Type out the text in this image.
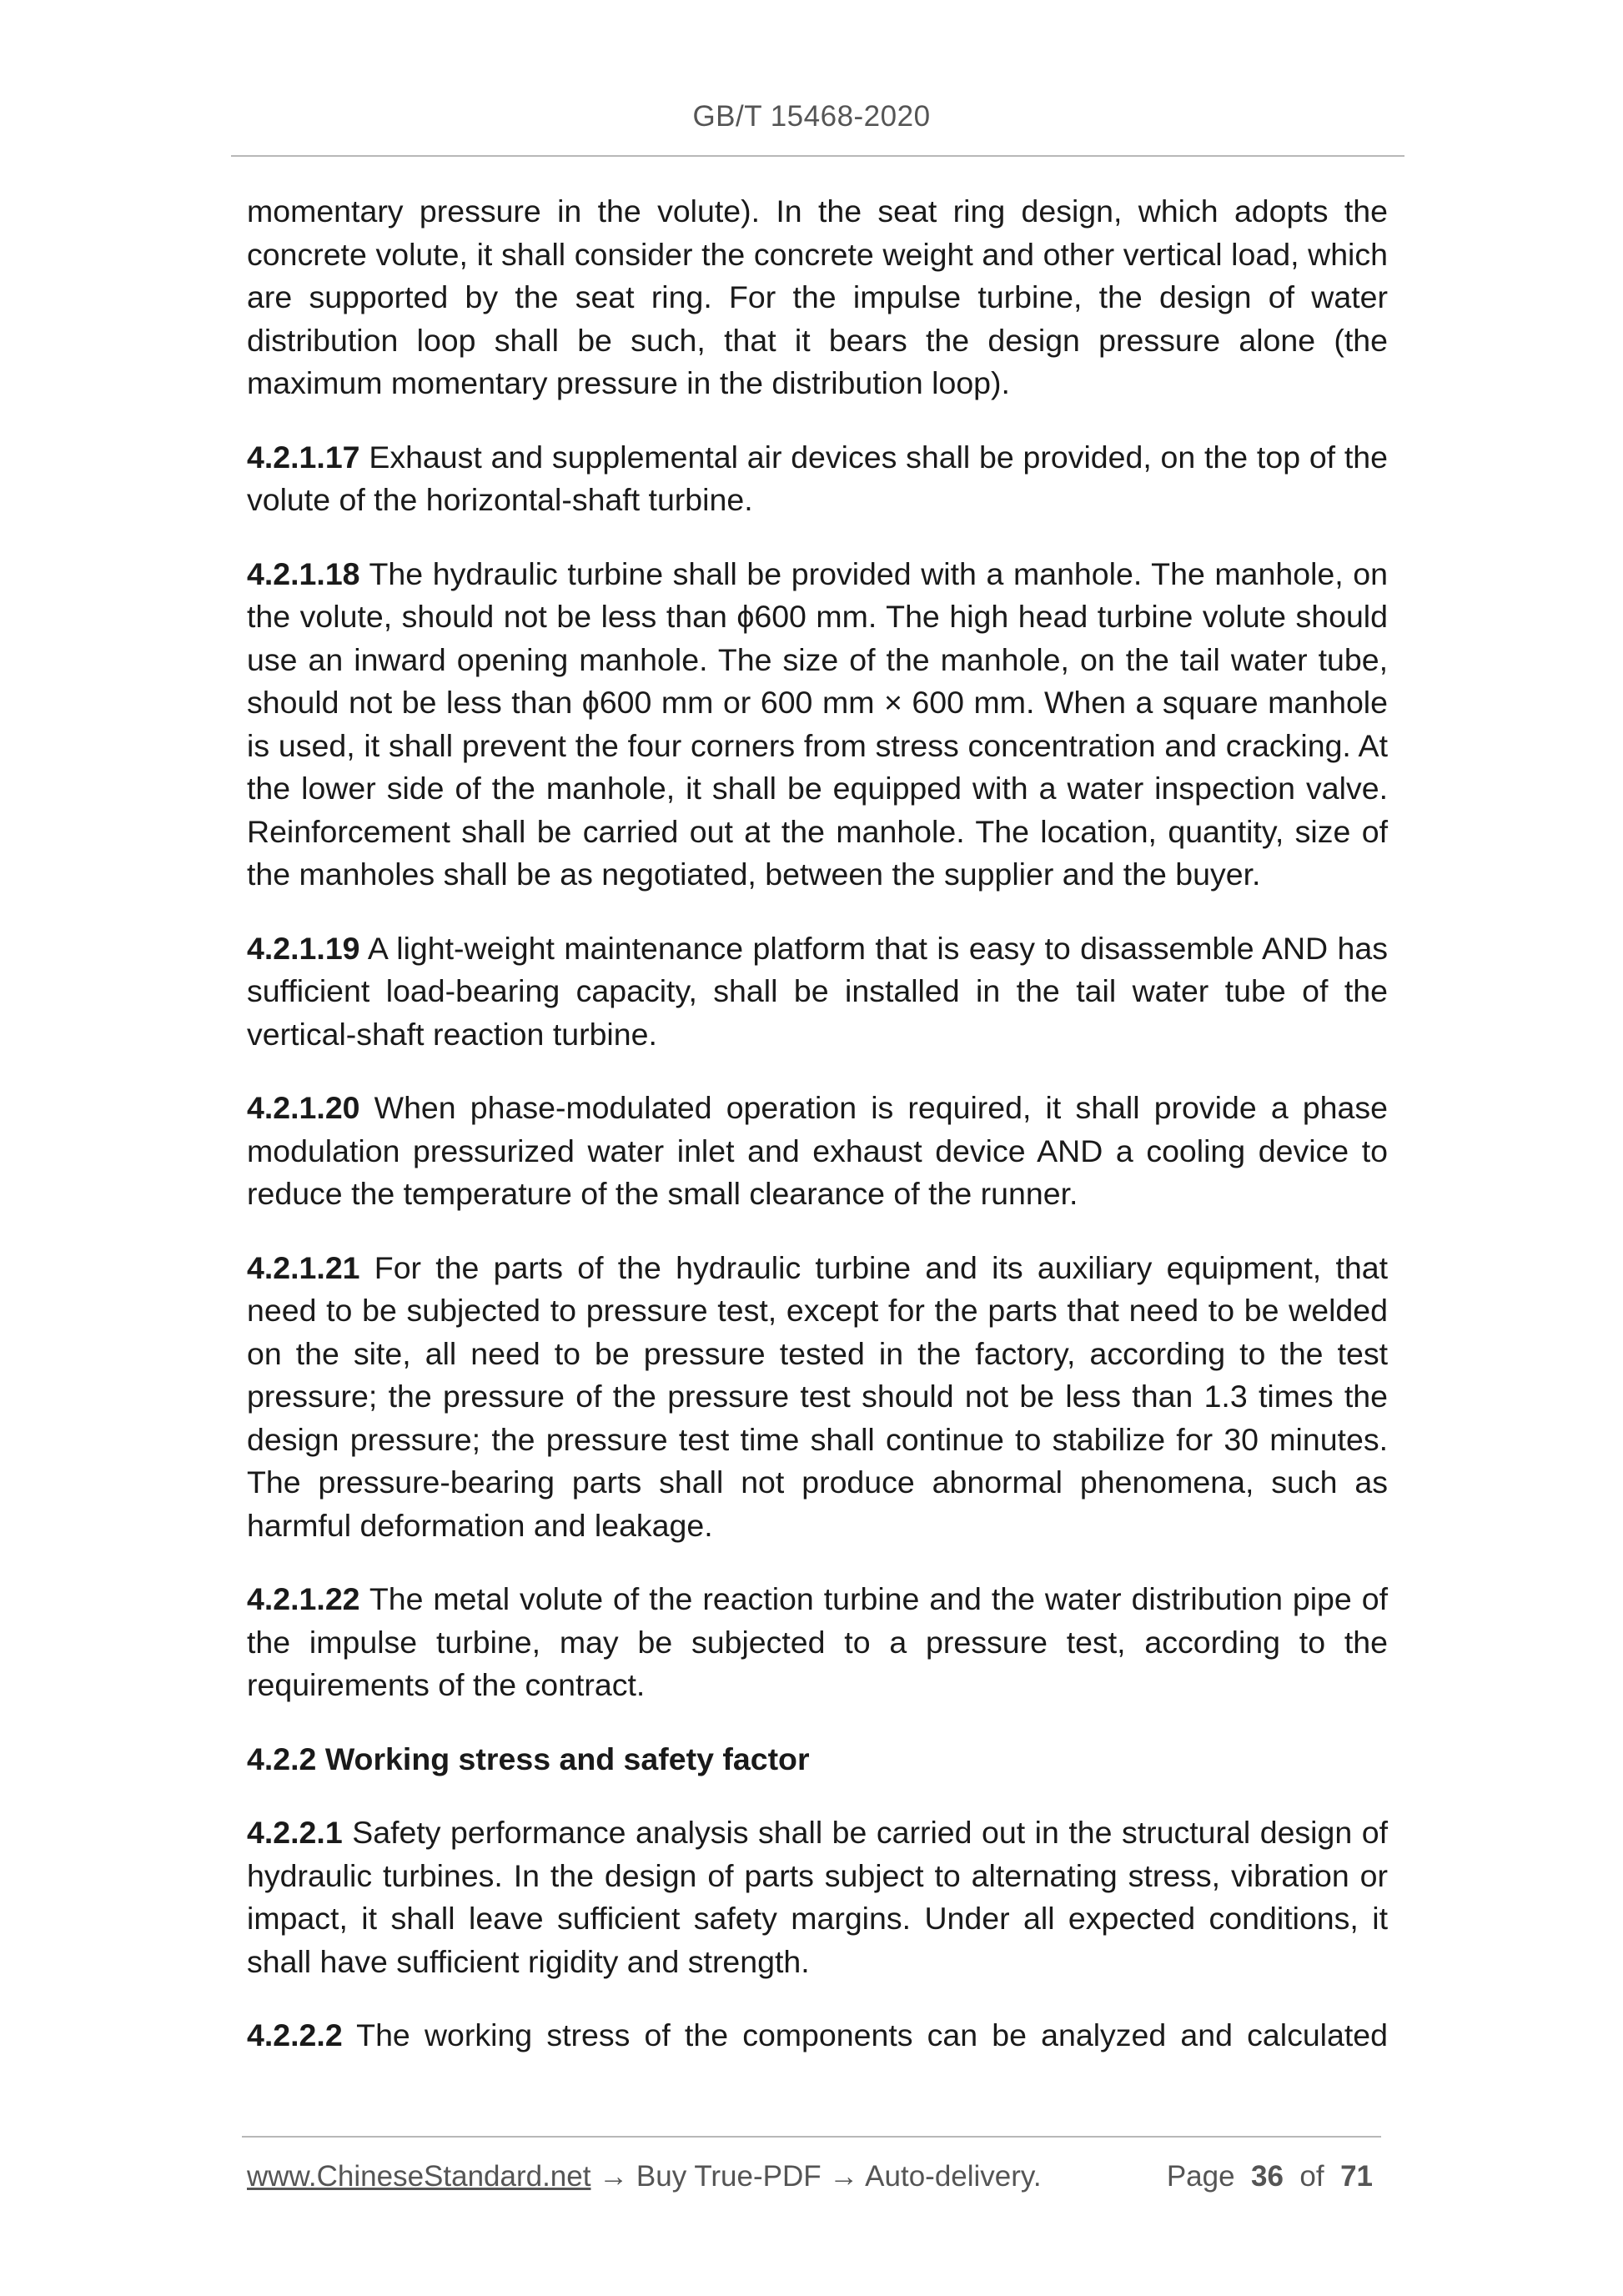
GB/T 15468-2020

momentary pressure in the volute). In the seat ring design, which adopts the concrete volute, it shall consider the concrete weight and other vertical load, which are supported by the seat ring. For the impulse turbine, the design of water distribution loop shall be such, that it bears the design pressure alone (the maximum momentary pressure in the distribution loop).

4.2.1.17 Exhaust and supplemental air devices shall be provided, on the top of the volute of the horizontal-shaft turbine.

4.2.1.18 The hydraulic turbine shall be provided with a manhole. The manhole, on the volute, should not be less than ϕ600 mm. The high head turbine volute should use an inward opening manhole. The size of the manhole, on the tail water tube, should not be less than ϕ600 mm or 600 mm × 600 mm. When a square manhole is used, it shall prevent the four corners from stress concentration and cracking. At the lower side of the manhole, it shall be equipped with a water inspection valve. Reinforcement shall be carried out at the manhole. The location, quantity, size of the manholes shall be as negotiated, between the supplier and the buyer.

4.2.1.19 A light-weight maintenance platform that is easy to disassemble AND has sufficient load-bearing capacity, shall be installed in the tail water tube of the vertical-shaft reaction turbine.

4.2.1.20 When phase-modulated operation is required, it shall provide a phase modulation pressurized water inlet and exhaust device AND a cooling device to reduce the temperature of the small clearance of the runner.

4.2.1.21 For the parts of the hydraulic turbine and its auxiliary equipment, that need to be subjected to pressure test, except for the parts that need to be welded on the site, all need to be pressure tested in the factory, according to the test pressure; the pressure of the pressure test should not be less than 1.3 times the design pressure; the pressure test time shall continue to stabilize for 30 minutes. The pressure-bearing parts shall not produce abnormal phenomena, such as harmful deformation and leakage.

4.2.1.22 The metal volute of the reaction turbine and the water distribution pipe of the impulse turbine, may be subjected to a pressure test, according to the requirements of the contract.

4.2.2 Working stress and safety factor

4.2.2.1 Safety performance analysis shall be carried out in the structural design of hydraulic turbines. In the design of parts subject to alternating stress, vibration or impact, it shall leave sufficient safety margins. Under all expected conditions, it shall have sufficient rigidity and strength.

4.2.2.2 The working stress of the components can be analyzed and calculated

www.ChineseStandard.net → Buy True-PDF → Auto-delivery.	Page 36 of 71
